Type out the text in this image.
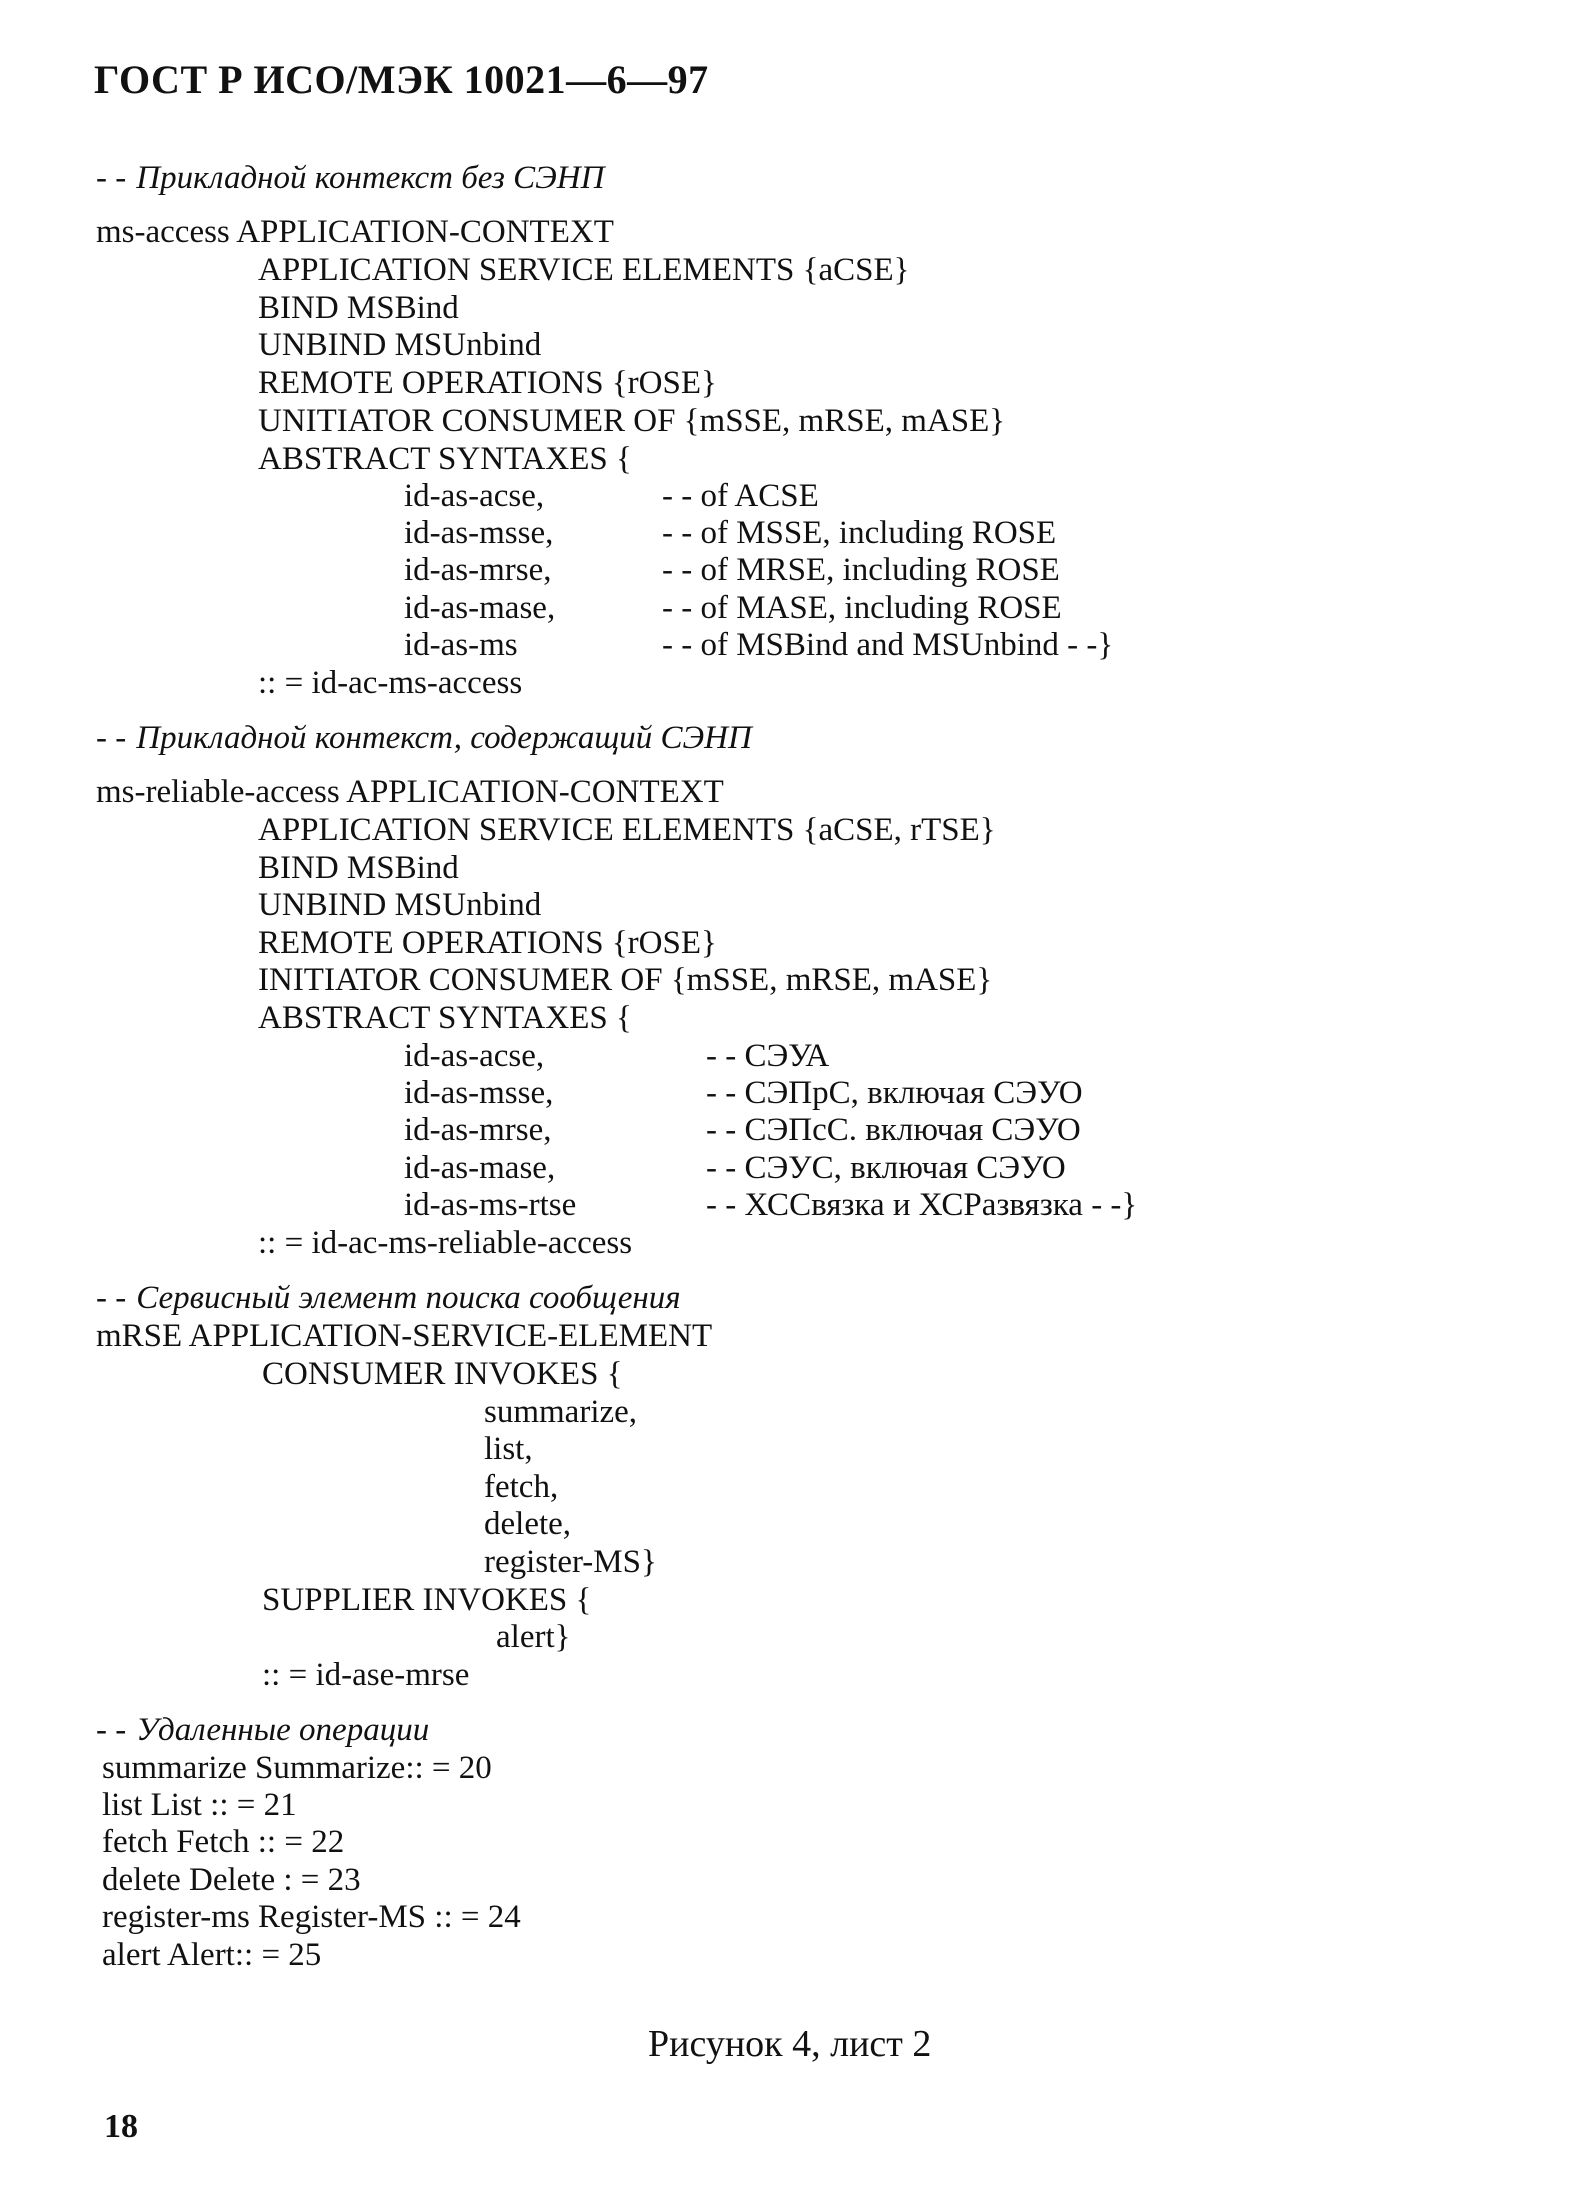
ГОСТ Р ИСО/МЭК 10021—6—97
- - Прикладной контекст без СЭНП
ms-access APPLICATION-CONTEXT
APPLICATION SERVICE ELEMENTS {aCSE}
BIND MSBind
UNBIND MSUnbind
REMOTE OPERATIONS {rOSE}
UNITIATOR CONSUMER OF {mSSE, mRSE, mASE}
ABSTRACT SYNTAXES {
id-as-acse,	- - of ACSE
id-as-msse,	- - of MSSE, including ROSE
id-as-mrse,	- - of MRSE, including ROSE
id-as-mase,	- - of MASE, including ROSE
id-as-ms	- - of MSBind and MSUnbind - -}
:: = id-ac-ms-access
- - Прикладной контекст, содержащий СЭНП
ms-reliable-access APPLICATION-CONTEXT
APPLICATION SERVICE ELEMENTS {aCSE, rTSE}
BIND MSBind
UNBIND MSUnbind
REMOTE OPERATIONS {rOSE}
INITIATOR CONSUMER OF {mSSE, mRSE, mASE}
ABSTRACT SYNTAXES {
id-as-acse,	- - СЭУА
id-as-msse,	- - СЭПрС, включая СЭУО
id-as-mrse,	- - СЭПсС. включая СЭУО
id-as-mase,	- - СЭУС, включая СЭУО
id-as-ms-rtse	- - ХССвязка и ХСРазвязка - -}
:: = id-ac-ms-reliable-access
- - Сервисный элемент поиска сообщения
mRSE APPLICATION-SERVICE-ELEMENT
CONSUMER INVOKES {
summarize,
list,
fetch,
delete,
register-MS}
SUPPLIER INVOKES {
alert}
:: = id-ase-mrse
- - Удаленные операции
summarize Summarize:: = 20
list List :: = 21
fetch Fetch :: = 22
delete Delete : = 23
register-ms Register-MS :: = 24
alert Alert:: = 25
Рисунок 4, лист 2
18
